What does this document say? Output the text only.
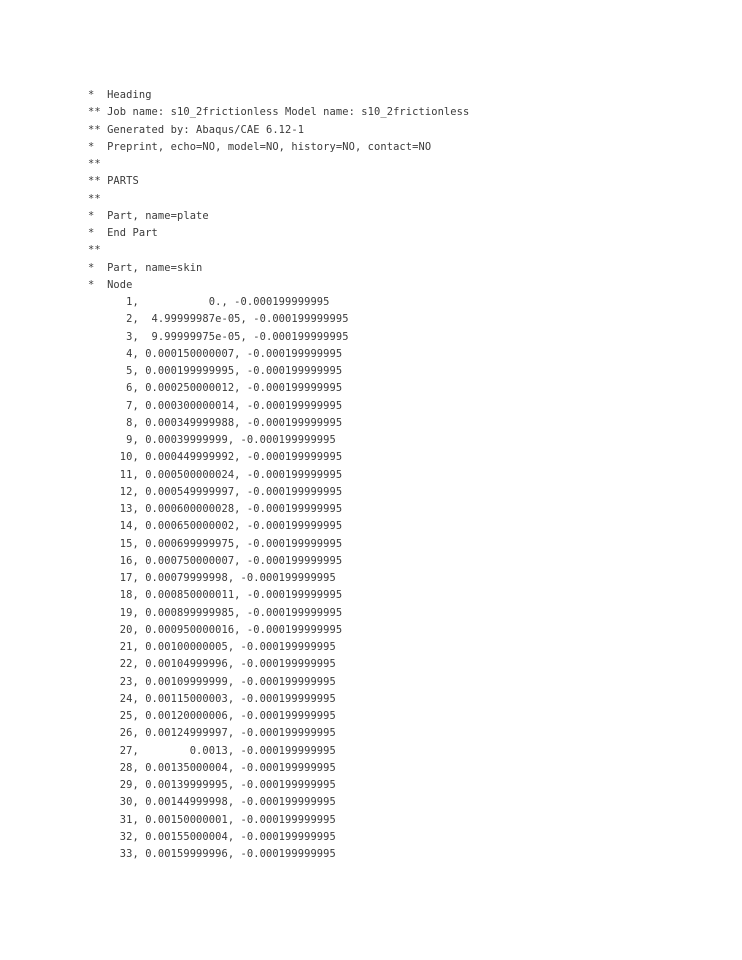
*  Heading
** Job name: s10_2frictionless Model name: s10_2frictionless
** Generated by: Abaqus/CAE 6.12-1
*  Preprint, echo=NO, model=NO, history=NO, contact=NO
**
** PARTS
**
*  Part, name=plate
*  End Part
**
*  Part, name=skin
*  Node
1,           0., -0.000199999995
2,  4.99999987e-05, -0.000199999995
3,  9.99999975e-05, -0.000199999995
4, 0.000150000007, -0.000199999995
5, 0.000199999995, -0.000199999995
6, 0.000250000012, -0.000199999995
7, 0.000300000014, -0.000199999995
8, 0.000349999988, -0.000199999995
9, 0.00039999999, -0.000199999995
10, 0.000449999992, -0.000199999995
11, 0.000500000024, -0.000199999995
12, 0.000549999997, -0.000199999995
13, 0.000600000028, -0.000199999995
14, 0.000650000002, -0.000199999995
15, 0.000699999975, -0.000199999995
16, 0.000750000007, -0.000199999995
17, 0.00079999998, -0.000199999995
18, 0.000850000011, -0.000199999995
19, 0.000899999985, -0.000199999995
20, 0.000950000016, -0.000199999995
21, 0.00100000005, -0.000199999995
22, 0.00104999996, -0.000199999995
23, 0.00109999999, -0.000199999995
24, 0.00115000003, -0.000199999995
25, 0.00120000006, -0.000199999995
26, 0.00124999997, -0.000199999995
27,        0.0013, -0.000199999995
28, 0.00135000004, -0.000199999995
29, 0.00139999995, -0.000199999995
30, 0.00144999998, -0.000199999995
31, 0.00150000001, -0.000199999995
32, 0.00155000004, -0.000199999995
33, 0.00159999996, -0.000199999995
